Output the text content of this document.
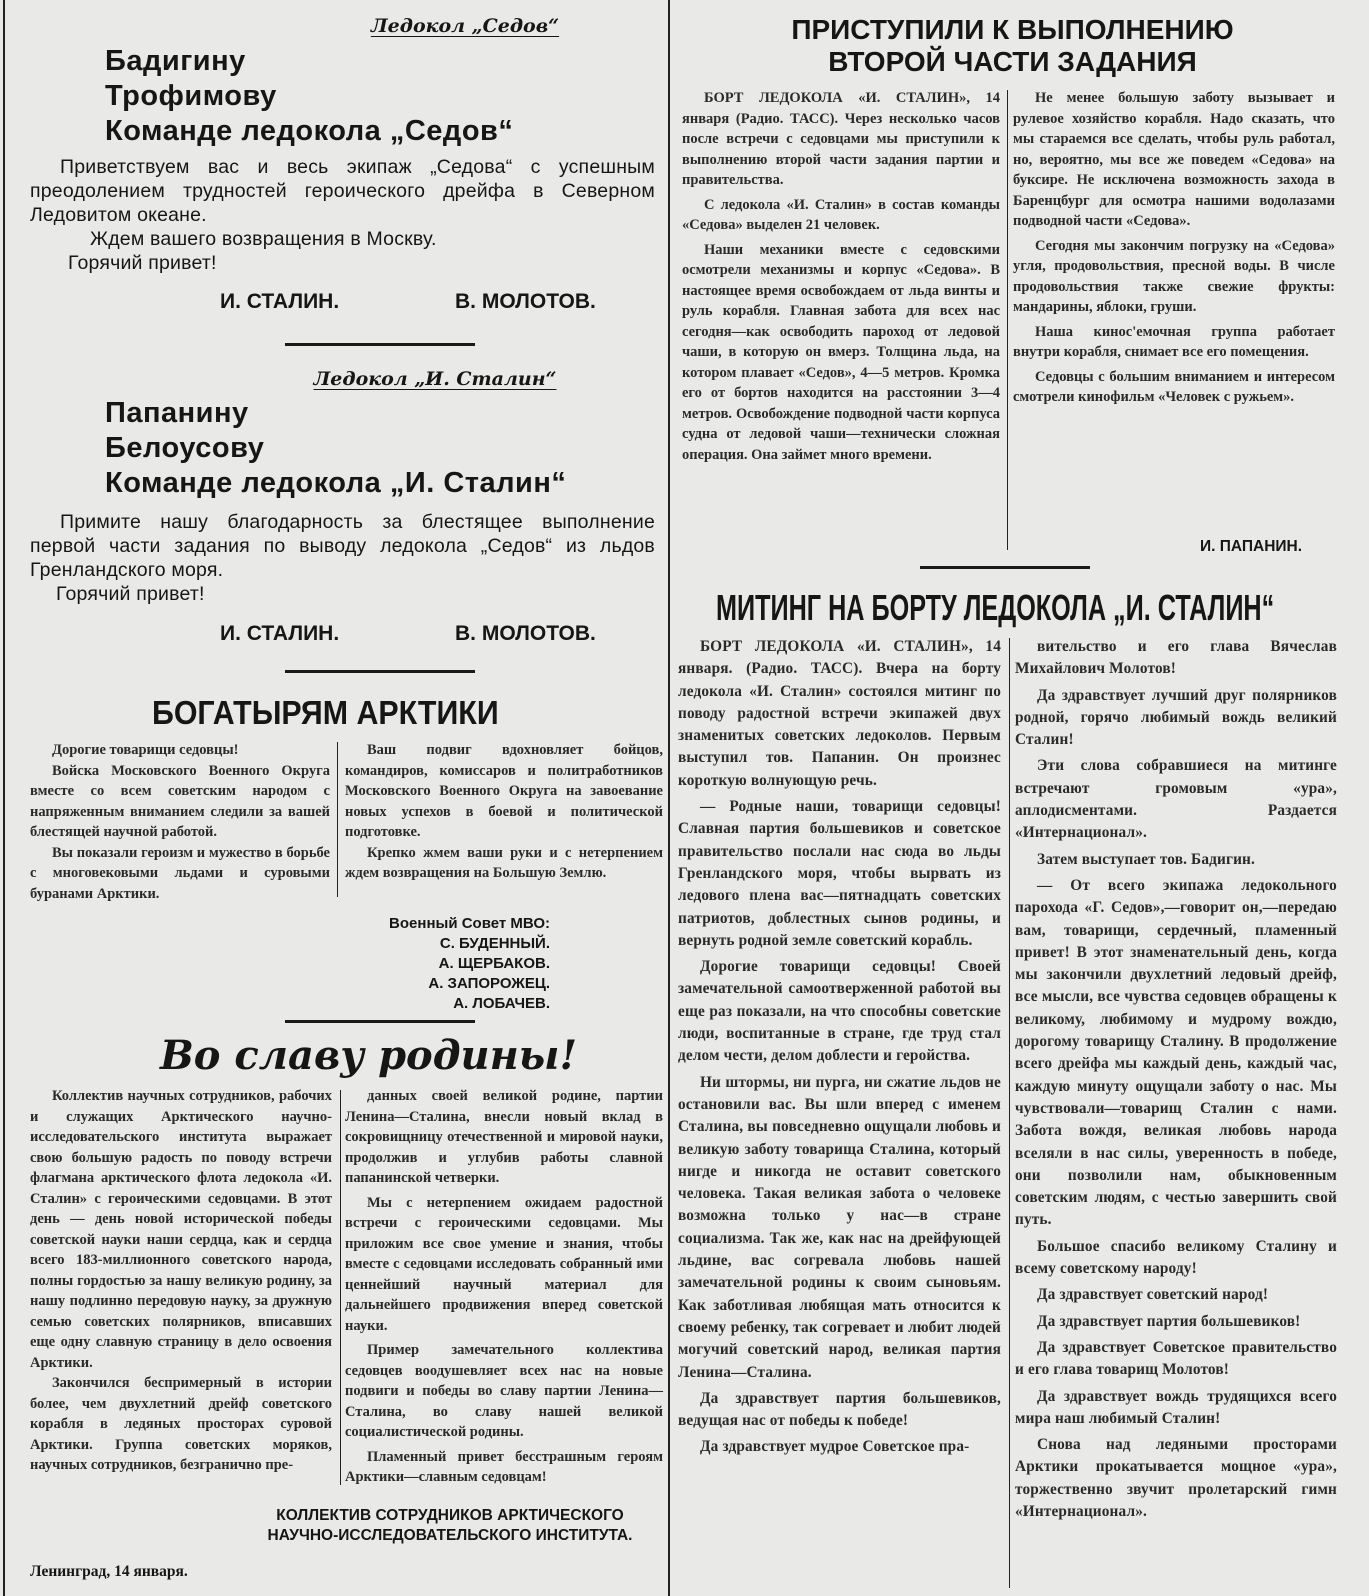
Ледокол „Седов“
Бадигину
Трофимову
Команде ледокола „Седов“

Приветствуем вас и весь экипаж „Седова“ с успешным преодолением трудностей героического дрейфа в Северном Ледовитом океане.

Ждем вашего возвращения в Москву.

Горячий привет!

И. СТАЛИН.	В. МОЛОТОВ.
Ледокол „И. Сталин“
Папанину
Белоусову
Команде ледокола „И. Сталин“

Примите нашу благодарность за блестящее выполнение первой части задания по выводу ледокола „Седов“ из льдов Гренландского моря.

Горячий привет!

И. СТАЛИН.	В. МОЛОТОВ.
БОГАТЫРЯМ АРКТИКИ

Дорогие товарищи седовцы!

Войска Московского Военного Округа вместе со всем советским народом с напряженным вниманием следили за вашей блестящей научной работой.

Вы показали героизм и мужество в борьбе с многовековыми льдами и суровыми буранами Арктики.

Ваш подвиг вдохновляет бойцов, командиров, комиссаров и политработников Московского Военного Округа на завоевание новых успехов в боевой и политической подготовке.

Крепко жмем ваши руки и с нетерпением ждем возвращения на Большую Землю.

Военный Совет МВО:
С. БУДЕННЫЙ.
А. ЩЕРБАКОВ.
А. ЗАПОРОЖЕЦ.
А. ЛОБАЧЕВ.
Во славу родины!

Коллектив научных сотрудников, рабочих и служащих Арктического научно-исследовательского института выражает свою большую радость по поводу встречи флагмана арктического флота ледокола «И. Сталин» с героическими седовцами. В этот день — день новой исторической победы советской науки наши сердца, как и сердца всего 183-миллионного советского народа, полны гордостью за нашу великую родину, за нашу подлинно передовую науку, за дружную семью советских полярников, вписавших еще одну славную страницу в дело освоения Арктики.

Закончился беспримерный в истории более, чем двухлетний дрейф советского корабля в ледяных просторах суровой Арктики. Группа советских моряков, научных сотрудников, безгранично пре-

данных своей великой родине, партии Ленина—Сталина, внесли новый вклад в сокровищницу отечественной и мировой науки, продолжив и углубив работы славной папанинской четверки.

Мы с нетерпением ожидаем радостной встречи с героическими седовцами. Мы приложим все свое умение и знания, чтобы вместе с седовцами исследовать собранный ими ценнейший научный материал для дальнейшего продвижения вперед советской науки.

Пример замечательного коллектива седовцев воодушевляет всех нас на новые подвиги и победы во славу партии Ленина—Сталина, во славу нашей великой социалистической родины.

Пламенный привет бесстрашным героям Арктики—славным седовцам!

КОЛЛЕКТИВ СОТРУДНИКОВ АРКТИЧЕСКОГО
НАУЧНО-ИССЛЕДОВАТЕЛЬСКОГО ИНСТИТУТА.
Ленинград, 14 января.
ПРИСТУПИЛИ К ВЫПОЛНЕНИЮ
ВТОРОЙ ЧАСТИ ЗАДАНИЯ

БОРТ ЛЕДОКОЛА «И. СТАЛИН», 14 января (Радио. ТАСС). Через несколько часов после встречи с седовцами мы приступили к выполнению второй части задания партии и правительства.

С ледокола «И. Сталин» в состав команды «Седова» выделен 21 человек.

Наши механики вместе с седовскими осмотрели механизмы и корпус «Седова». В настоящее время освобождаем от льда винты и руль корабля. Главная забота для всех нас сегодня—как освободить пароход от ледовой чаши, в которую он вмерз. Толщина льда, на котором плавает «Седов», 4—5 метров. Кромка его от бортов находится на расстоянии 3—4 метров. Освобождение подводной части корпуса судна от ледовой чаши—технически сложная операция. Она займет много времени.

Не менее большую заботу вызывает и рулевое хозяйство корабля. Надо сказать, что мы стараемся все сделать, чтобы руль работал, но, вероятно, мы все же поведем «Седова» на буксире. Не исключена возможность захода в Баренцбург для осмотра нашими водолазами подводной части «Седова».

Сегодня мы закончим погрузку на «Седова» угля, продовольствия, пресной воды. В числе продовольствия также свежие фрукты: мандарины, яблоки, груши.

Наша кинос'емочная группа работает внутри корабля, снимает все его помещения.

Седовцы с большим вниманием и интересом смотрели кинофильм «Человек с ружьем».

И. ПАПАНИН.
МИТИНГ НА БОРТУ ЛЕДОКОЛА „И. СТАЛИН“

БОРТ ЛЕДОКОЛА «И. СТАЛИН», 14 января. (Радио. ТАСС). Вчера на борту ледокола «И. Сталин» состоялся митинг по поводу радостной встречи экипажей двух знаменитых советских ледоколов. Первым выступил тов. Папанин. Он произнес короткую волнующую речь.

— Родные наши, товарищи седовцы! Славная партия большевиков и советское правительство послали нас сюда во льды Гренландского моря, чтобы вырвать из ледового плена вас—пятнадцать советских патриотов, доблестных сынов родины, и вернуть родной земле советский корабль.

Дорогие товарищи седовцы! Своей замечательной самоотверженной работой вы еще раз показали, на что способны советские люди, воспитанные в стране, где труд стал делом чести, делом доблести и геройства.

Ни штормы, ни пурга, ни сжатие льдов не остановили вас. Вы шли вперед с именем Сталина, вы повседневно ощущали любовь и великую заботу товарища Сталина, который нигде и никогда не оставит советского человека. Такая великая забота о человеке возможна только у нас—в стране социализма. Так же, как нас на дрейфующей льдине, вас согревала любовь нашей замечательной родины к своим сыновьям. Как заботливая любящая мать относится к своему ребенку, так согревает и любит людей могучий советский народ, великая партия Ленина—Сталина.

Да здравствует партия большевиков, ведущая нас от победы к победе!

Да здравствует мудрое Советское пра-

вительство и его глава Вячеслав Михайлович Молотов!

Да здравствует лучший друг полярников родной, горячо любимый вождь великий Сталин!

Эти слова собравшиеся на митинге встречают громовым «ура», аплодисментами. Раздается «Интернационал».

Затем выступает тов. Бадигин.

— От всего экипажа ледокольного парохода «Г. Седов»,—говорит он,—передаю вам, товарищи, сердечный, пламенный привет! В этот знаменательный день, когда мы закончили двухлетний ледовый дрейф, все мысли, все чувства седовцев обращены к великому, любимому и мудрому вождю, дорогому товарищу Сталину. В продолжение всего дрейфа мы каждый день, каждый час, каждую минуту ощущали заботу о нас. Мы чувствовали—товарищ Сталин с нами. Забота вождя, великая любовь народа вселяли в нас силы, уверенность в победе, они позволили нам, обыкновенным советским людям, с честью завершить свой путь.

Большое спасибо великому Сталину и всему советскому народу!

Да здравствует советский народ!

Да здравствует партия большевиков!

Да здравствует Советское правительство и его глава товарищ Молотов!

Да здравствует вождь трудящихся всего мира наш любимый Сталин!

Снова над ледяными просторами Арктики прокатывается мощное «ура», торжественно звучит пролетарский гимн «Интернационал».
